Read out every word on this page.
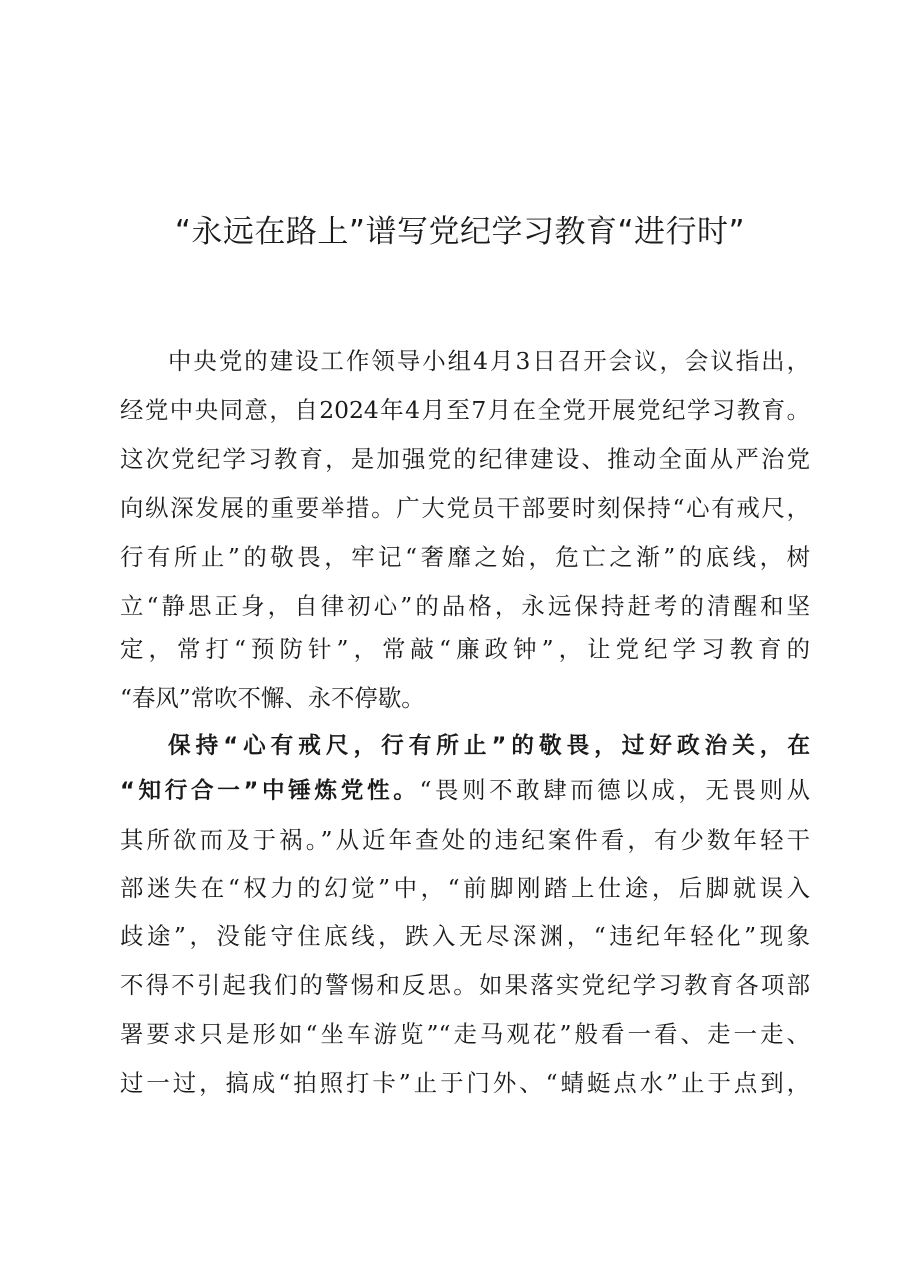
“永远在路上”谱写党纪学习教育“进行时”
中央党的建设工作领导小组4月3日召开会议，会议指出，
经党中央同意，自2024年4月至7月在全党开展党纪学习教育。
这次党纪学习教育，是加强党的纪律建设、推动全面从严治党
向纵深发展的重要举措。广大党员干部要时刻保持“心有戒尺，
行有所止”的敬畏，牢记“奢靡之始，危亡之渐”的底线，树
立“静思正身，自律初心”的品格，永远保持赶考的清醒和坚
定，常打“预防针”，常敲“廉政钟”，让党纪学习教育的
“春风”常吹不懈、永不停歇。
保持“心有戒尺，行有所止”的敬畏，过好政治关，在
“知行合一”中锤炼党性。“畏则不敢肆而德以成，无畏则从
其所欲而及于祸。”从近年查处的违纪案件看，有少数年轻干
部迷失在“权力的幻觉”中，“前脚刚踏上仕途，后脚就误入
歧途”，没能守住底线，跌入无尽深渊，“违纪年轻化”现象
不得不引起我们的警惕和反思。如果落实党纪学习教育各项部
署要求只是形如“坐车游览”“走马观花”般看一看、走一走、
过一过，搞成“拍照打卡”止于门外、“蜻蜓点水”止于点到，
